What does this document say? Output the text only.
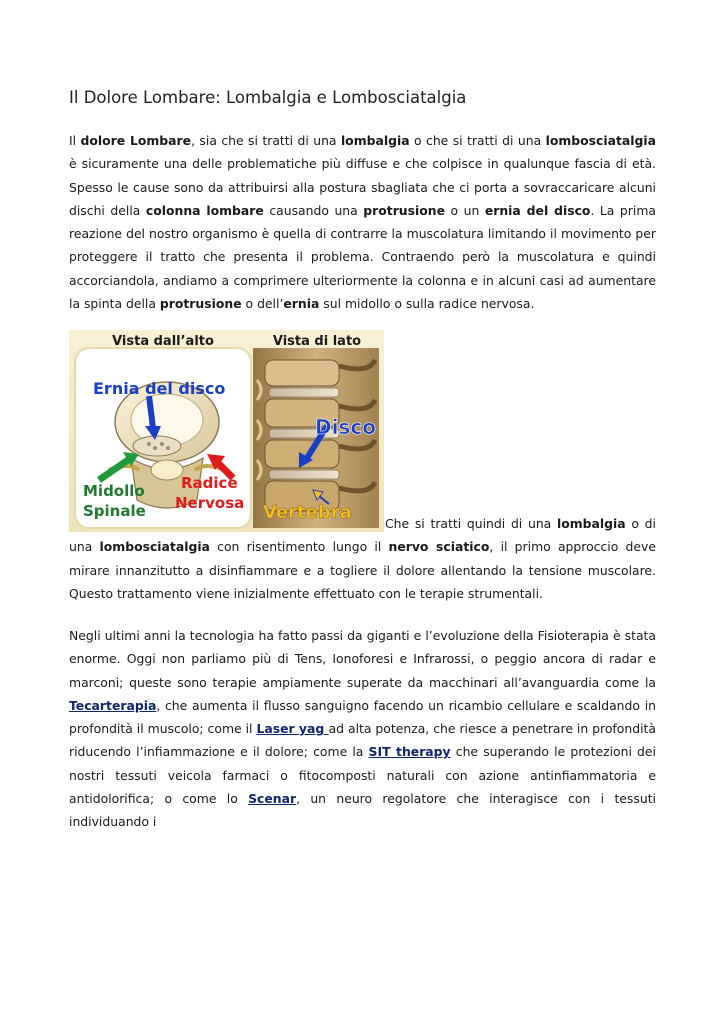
Il Dolore Lombare: Lombalgia e Lombosciatalgia

Il dolore Lombare, sia che si tratti di una lombalgia o che si tratti di una lombosciatalgia è sicuramente una delle problematiche più diffuse e che colpisce in qualunque fascia di età. Spesso le cause sono da attribuirsi alla postura sbagliata che ci porta a sovraccaricare alcuni dischi della colonna lombare causando una protrusione o un ernia del disco. La prima reazione del nostro organismo è quella di contrarre la muscolatura limitando il movimento per proteggere il tratto che presenta il problema. Contraendo però la muscolatura e quindi accorciandola, andiamo a comprimere ulteriormente la colonna e in alcuni casi ad aumentare la spinta della protrusione o dell’ernia sul midollo o sulla radice nervosa.

Vista dall’alto	Vista di lato
Ernia del disco
Midollo
Spinale
Radice
Nervosa
Disco
Vertebra

Che si tratti quindi di una lombalgia o di una lombosciatalgia con risentimento lungo il nervo sciatico, il primo approccio deve mirare innanzitutto a disinfiammare e a togliere il dolore allentando la tensione muscolare. Questo trattamento viene inizialmente effettuato con le terapie strumentali.

Negli ultimi anni la tecnologia ha fatto passi da giganti e l’evoluzione della Fisioterapia è stata enorme. Oggi non parliamo più di Tens, Ionoforesi e Infrarossi, o peggio ancora di radar e marconi; queste sono terapie ampiamente superate da macchinari all’avanguardia come la Tecarterapia, che aumenta il flusso sanguigno facendo un ricambio cellulare e scaldando in profondità il muscolo; come il Laser yag ad alta potenza, che riesce a penetrare in profondità riducendo l’infiammazione e il dolore; come la SIT therapy che superando le protezioni dei nostri tessuti veicola farmaci o fitocomposti naturali con azione antinfiammatoria e antidolorifica; o come lo Scenar, un neuro regolatore che interagisce con i tessuti individuando i
